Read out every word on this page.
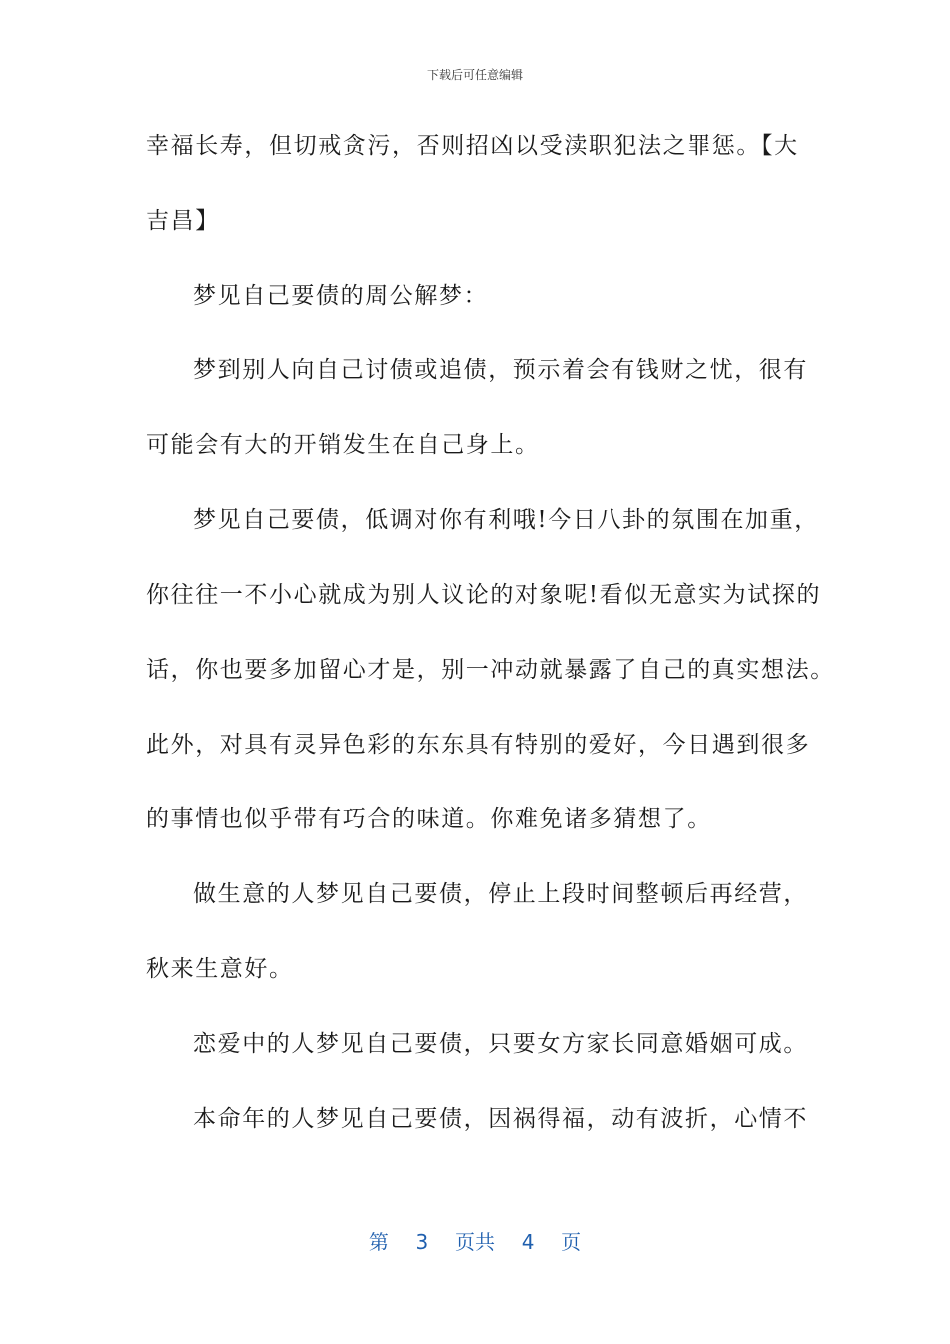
下载后可任意编辑
幸福长寿，但切戒贪污，否则招凶以受渎职犯法之罪惩。【大
吉昌】
梦见自己要债的周公解梦：
梦到别人向自己讨债或追债，预示着会有钱财之忧，很有
可能会有大的开销发生在自己身上。
梦见自己要债，低调对你有利哦!今日八卦的氛围在加重，
你往往一不小心就成为别人议论的对象呢!看似无意实为试探的
话，你也要多加留心才是，别一冲动就暴露了自己的真实想法。
此外，对具有灵异色彩的东东具有特别的爱好，今日遇到很多
的事情也似乎带有巧合的味道。你难免诸多猜想了。
做生意的人梦见自己要债，停止上段时间整顿后再经营，
秋来生意好。
恋爱中的人梦见自己要债，只要女方家长同意婚姻可成。
本命年的人梦见自己要债，因祸得福，动有波折，心情不
第 3 页共 4 页
